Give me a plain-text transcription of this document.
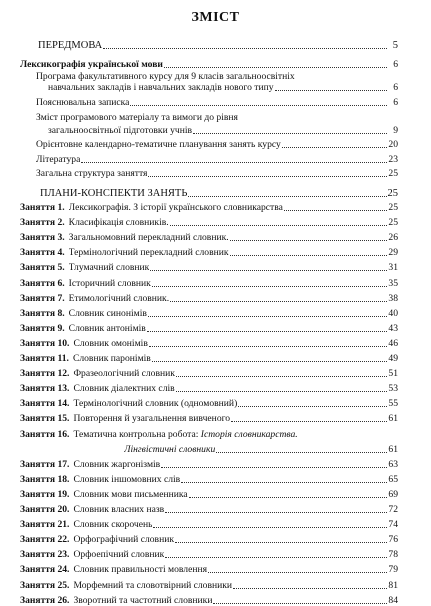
ЗМІСТ
ПЕРЕДМОВА	5
Лексикографія української мови	6
Програма факультативного курсу для 9 класів загальноосвітніх
навчальних закладів і навчальних закладів нового типу	6
Пояснювальна записка	6
Зміст програмового матеріалу та вимоги до рівня
загальноосвітньої підготовки учнів	9
Орієнтовне календарно-тематичне планування занять курсу	20
Література	23
Загальна структура заняття	25
ПЛАНИ-КОНСПЕКТИ ЗАНЯТЬ	25
Заняття 1. Лексикографія. З історії українського словникарства	25
Заняття 2. Класифікація словників.	25
Заняття 3. Загальномовний перекладний словник.	26
Заняття 4. Термінологічний перекладний словник	29
Заняття 5. Тлумачний словник	31
Заняття 6. Історичний словник	35
Заняття 7. Етимологічний словник.	38
Заняття 8. Словник синонімів	40
Заняття 9. Словник антонімів	43
Заняття 10. Словник омонімів	46
Заняття 11. Словник паронімів	49
Заняття 12. Фразеологічний словник	51
Заняття 13. Словник діалектних слів	53
Заняття 14. Термінологічний словник (одномовний)	55
Заняття 15. Повторення й узагальнення вивченого	61
Заняття 16. Тематична контрольна робота: Історія словникарства.
Лінгвістичні словники	61
Заняття 17. Словник жаргонізмів	63
Заняття 18. Словник іншомовних слів	65
Заняття 19. Словник мови письменника	69
Заняття 20. Словник власних назв	72
Заняття 21. Словник скорочень	74
Заняття 22. Орфографічний словник	76
Заняття 23. Орфоепічний словник	78
Заняття 24. Словник правильності мовлення	79
Заняття 25. Морфемний та словотвірний словники	81
Заняття 26. Зворотний та частотний словники	84
